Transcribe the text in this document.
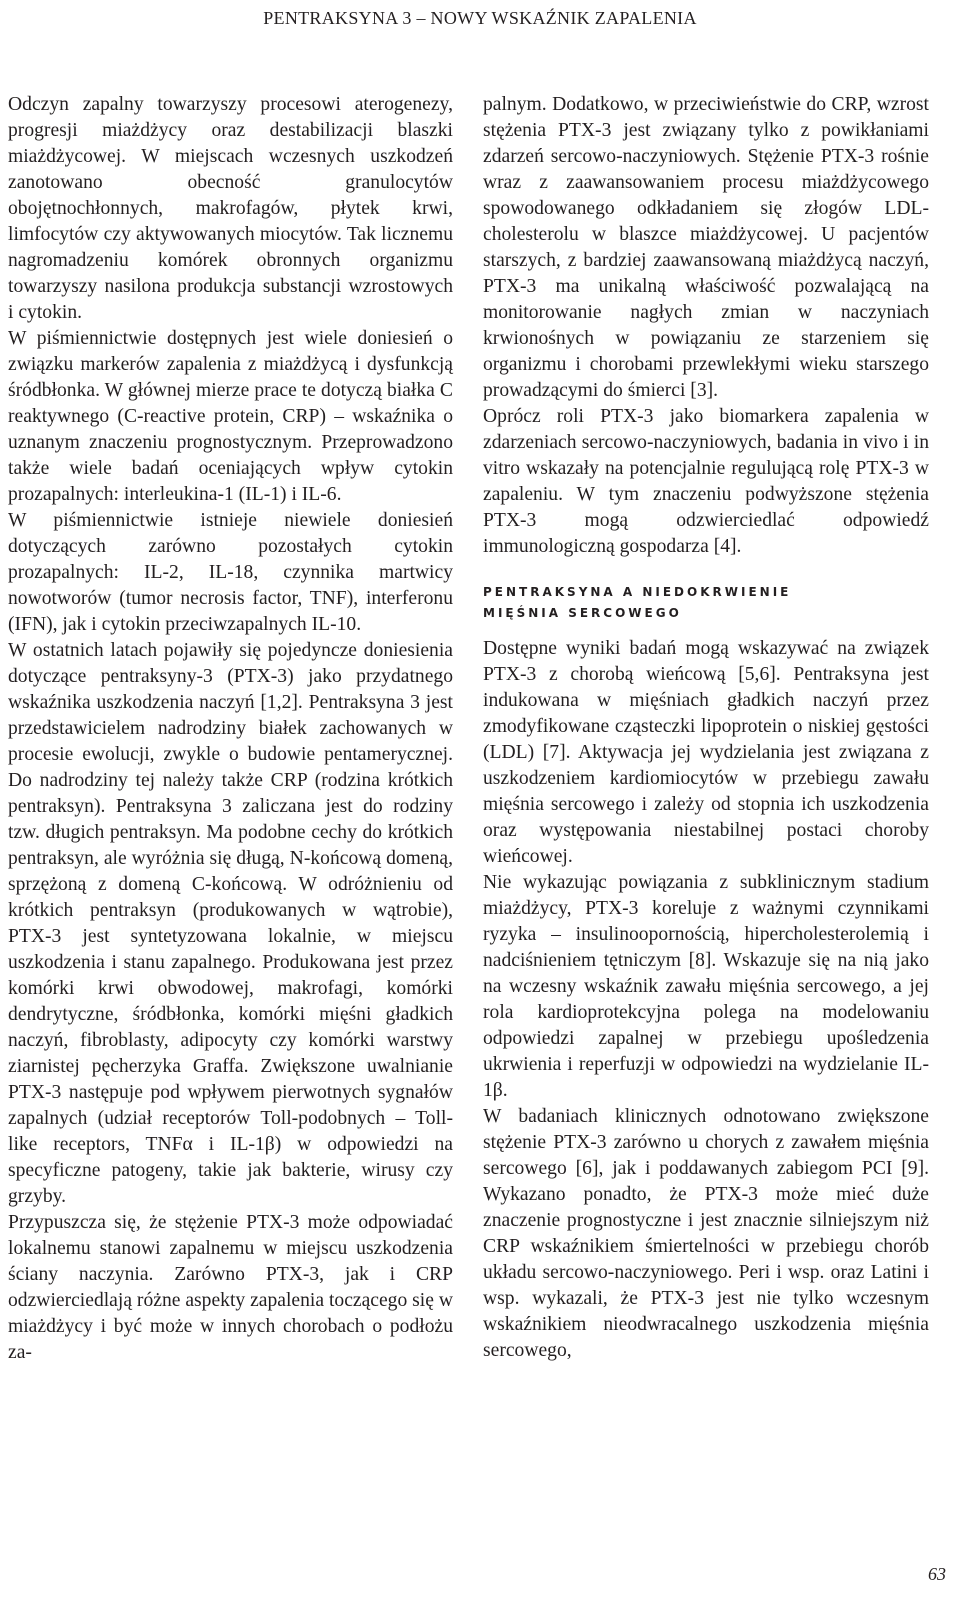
PENTRAKSYNA 3 – NOWY WSKAŹNIK ZAPALENIA

Odczyn zapalny towarzyszy procesowi aterogenezy, progresji miażdżycy oraz destabilizacji blaszki miażdżycowej. W miejscach wczesnych uszkodzeń zanotowano obecność granulocytów obojętnochłonnych, makrofagów, płytek krwi, limfocytów czy aktywowanych miocytów. Tak licznemu nagromadzeniu komórek obronnych organizmu towarzyszy nasilona produkcja substancji wzrostowych i cytokin.

W piśmiennictwie dostępnych jest wiele doniesień o związku markerów zapalenia z miażdżycą i dysfunkcją śródbłonka. W głównej mierze prace te dotyczą białka C reaktywnego (C-reactive protein, CRP) – wskaźnika o uznanym znaczeniu prognostycznym. Przeprowadzono także wiele badań oceniających wpływ cytokin prozapalnych: interleukina-1 (IL-1) i IL-6.

W piśmiennictwie istnieje niewiele doniesień dotyczących zarówno pozostałych cytokin prozapalnych: IL-2, IL-18, czynnika martwicy nowotworów (tumor necrosis factor, TNF), interferonu (IFN), jak i cytokin przeciwzapalnych IL-10.

W ostatnich latach pojawiły się pojedyncze doniesienia dotyczące pentraksyny-3 (PTX-3) jako przydatnego wskaźnika uszkodzenia naczyń [1,2]. Pentraksyna 3 jest przedstawicielem nadrodziny białek zachowanych w procesie ewolucji, zwykle o budowie pentamerycznej. Do nadrodziny tej należy także CRP (rodzina krótkich pentraksyn). Pentraksyna 3 zaliczana jest do rodziny tzw. długich pentraksyn. Ma podobne cechy do krótkich pentraksyn, ale wyróżnia się długą, N-końcową domeną, sprzężoną z domeną C-końcową. W odróżnieniu od krótkich pentraksyn (produkowanych w wątrobie), PTX-3 jest syntetyzowana lokalnie, w miejscu uszkodzenia i stanu zapalnego. Produkowana jest przez komórki krwi obwodowej, makrofagi, komórki dendrytyczne, śródbłonka, komórki mięśni gładkich naczyń, fibroblasty, adipocyty czy komórki warstwy ziarnistej pęcherzyka Graffa. Zwiększone uwalnianie PTX-3 następuje pod wpływem pierwotnych sygnałów zapalnych (udział receptorów Toll-podobnych – Toll-like receptors, TNFα i IL-1β) w odpowiedzi na specyficzne patogeny, takie jak bakterie, wirusy czy grzyby.

Przypuszcza się, że stężenie PTX-3 może odpowiadać lokalnemu stanowi zapalnemu w miejscu uszkodzenia ściany naczynia. Zarówno PTX-3, jak i CRP odzwierciedlają różne aspekty zapalenia toczącego się w miażdżycy i być może w innych chorobach o podłożu za-

palnym. Dodatkowo, w przeciwieństwie do CRP, wzrost stężenia PTX-3 jest związany tylko z powikłaniami zdarzeń sercowo-naczyniowych. Stężenie PTX-3 rośnie wraz z zaawansowaniem procesu miażdżycowego spowodowanego odkładaniem się złogów LDL-cholesterolu w blaszce miażdżycowej. U pacjentów starszych, z bardziej zaawansowaną miażdżycą naczyń, PTX-3 ma unikalną właściwość pozwalającą na monitorowanie nagłych zmian w naczyniach krwionośnych w powiązaniu ze starzeniem się organizmu i chorobami przewlekłymi wieku starszego prowadzącymi do śmierci [3].

Oprócz roli PTX-3 jako biomarkera zapalenia w zdarzeniach sercowo-naczyniowych, badania in vivo i in vitro wskazały na potencjalnie regulującą rolę PTX-3 w zapaleniu. W tym znaczeniu podwyższone stężenia PTX-3 mogą odzwierciedlać odpowiedź immunologiczną gospodarza [4].

PENTRAKSYNA A NIEDOKRWIENIE
MIĘŚNIA SERCOWEGO

Dostępne wyniki badań mogą wskazywać na związek PTX-3 z chorobą wieńcową [5,6]. Pentraksyna jest indukowana w mięśniach gładkich naczyń przez zmodyfikowane cząsteczki lipoprotein o niskiej gęstości (LDL) [7]. Aktywacja jej wydzielania jest związana z uszkodzeniem kardiomiocytów w przebiegu zawału mięśnia sercowego i zależy od stopnia ich uszkodzenia oraz występowania niestabilnej postaci choroby wieńcowej.

Nie wykazując powiązania z subklinicznym stadium miażdżycy, PTX-3 koreluje z ważnymi czynnikami ryzyka – insulinoopornością, hipercholesterolemią i nadciśnieniem tętniczym [8]. Wskazuje się na nią jako na wczesny wskaźnik zawału mięśnia sercowego, a jej rola kardioprotekcyjna polega na modelowaniu odpowiedzi zapalnej w przebiegu upośledzenia ukrwienia i reperfuzji w odpowiedzi na wydzielanie IL-1β.

W badaniach klinicznych odnotowano zwiększone stężenie PTX-3 zarówno u chorych z zawałem mięśnia sercowego [6], jak i poddawanych zabiegom PCI [9]. Wykazano ponadto, że PTX-3 może mieć duże znaczenie prognostyczne i jest znacznie silniejszym niż CRP wskaźnikiem śmiertelności w przebiegu chorób układu sercowo-naczyniowego. Peri i wsp. oraz Latini i wsp. wykazali, że PTX-3 jest nie tylko wczesnym wskaźnikiem nieodwracalnego uszkodzenia mięśnia sercowego,

63
